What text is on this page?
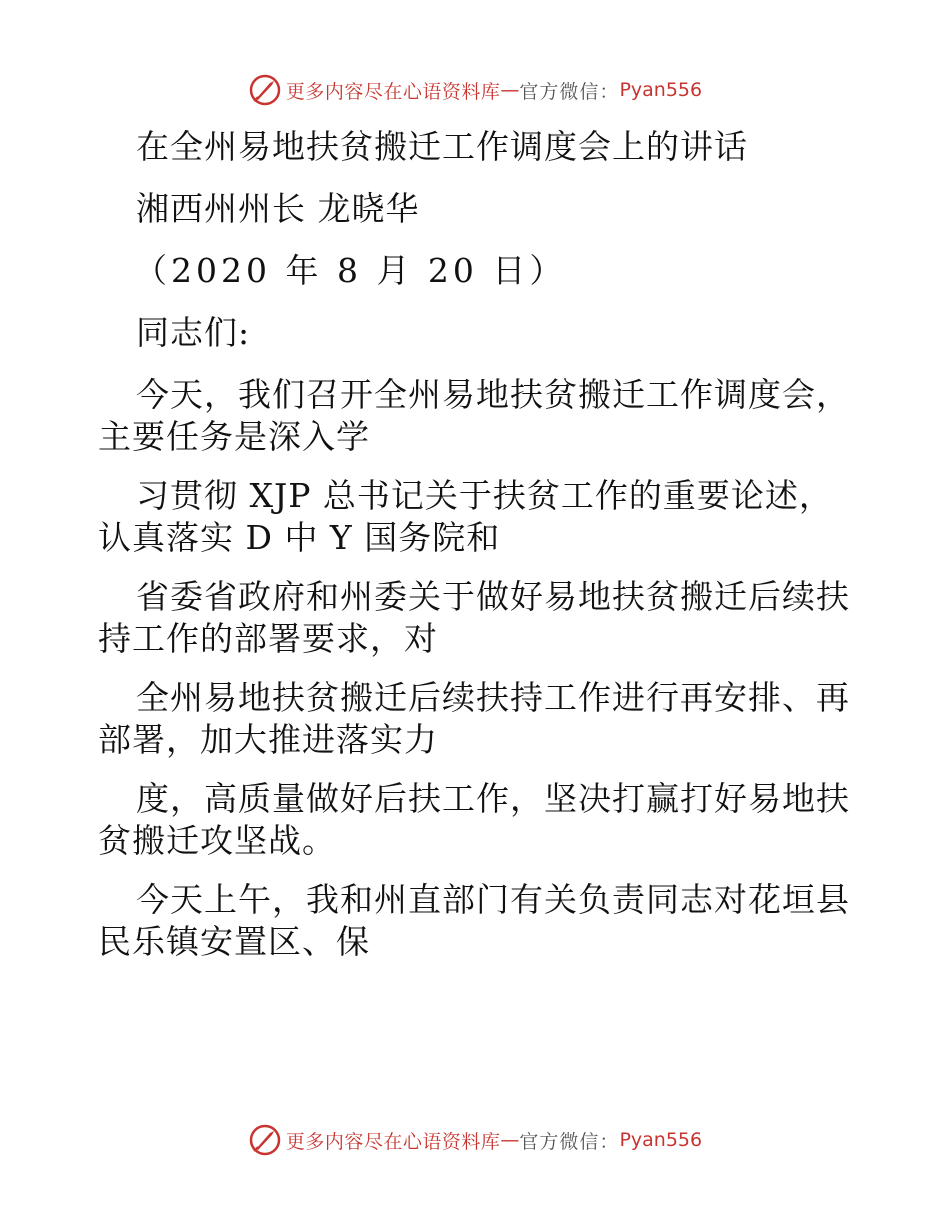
更多内容尽在心语资料库 — 官方微信： Pyan556
在全州易地扶贫搬迁工作调度会上的讲话
湘西州州长 龙晓华
（2020 年 8 月 20 日）
同志们:
今天，我们召开全州易地扶贫搬迁工作调度会，
主要任务是深入学
习贯彻 XJP 总书记关于扶贫工作的重要论述，
认真落实 D 中 Y 国务院和
省委省政府和州委关于做好易地扶贫搬迁后续扶
持工作的部署要求，对
全州易地扶贫搬迁后续扶持工作进行再安排、再
部署，加大推进落实力
度，高质量做好后扶工作，坚决打赢打好易地扶
贫搬迁攻坚战。
今天上午，我和州直部门有关负责同志对花垣县
民乐镇安置区、保
更多内容尽在心语资料库 — 官方微信： Pyan556
